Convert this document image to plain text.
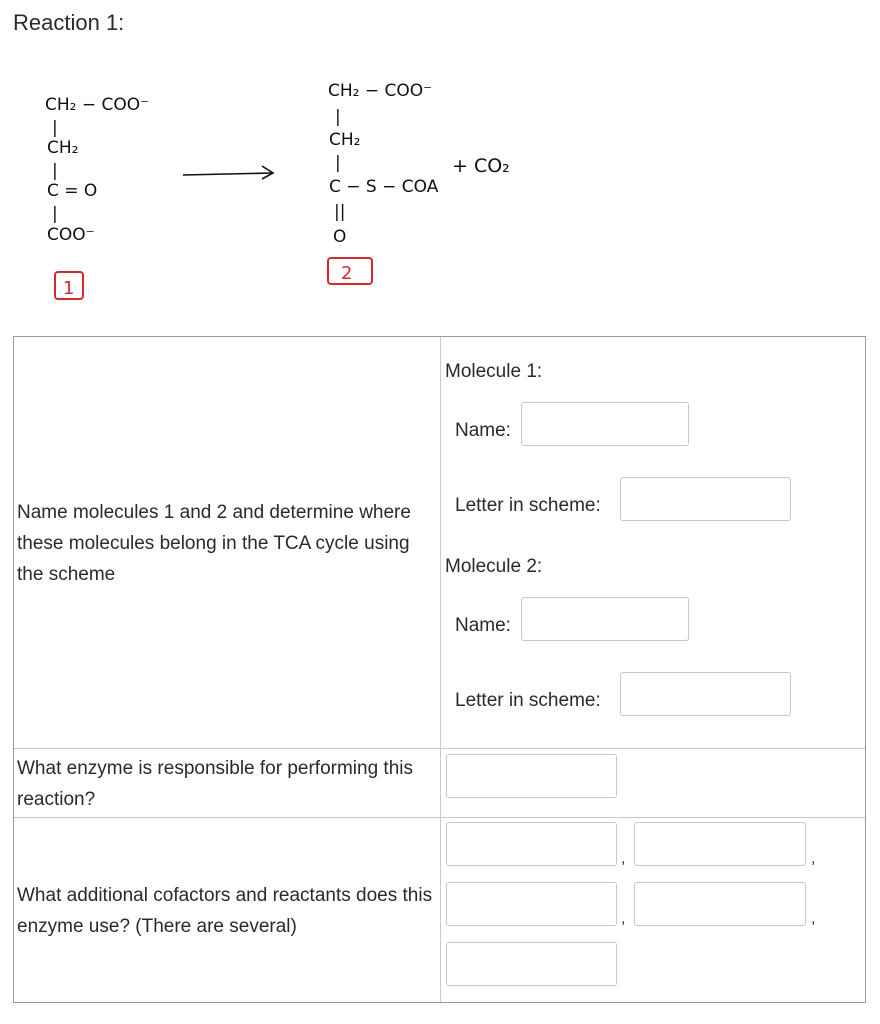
Reaction 1:
CH₂ − COO⁻
|
CH₂
|
C = O
|
COO⁻
1
CH₂ − COO⁻
|
CH₂
|
C − S − COA
||
O
2
+ CO₂
Name molecules 1 and 2 and determine where these molecules belong in the TCA cycle using the scheme
Molecule 1:
Name:
Letter in scheme:
Molecule 2:
Name:
Letter in scheme:
What enzyme is responsible for performing this reaction?
What additional cofactors and reactants does this enzyme use? (There are several)
,	,
,	,
